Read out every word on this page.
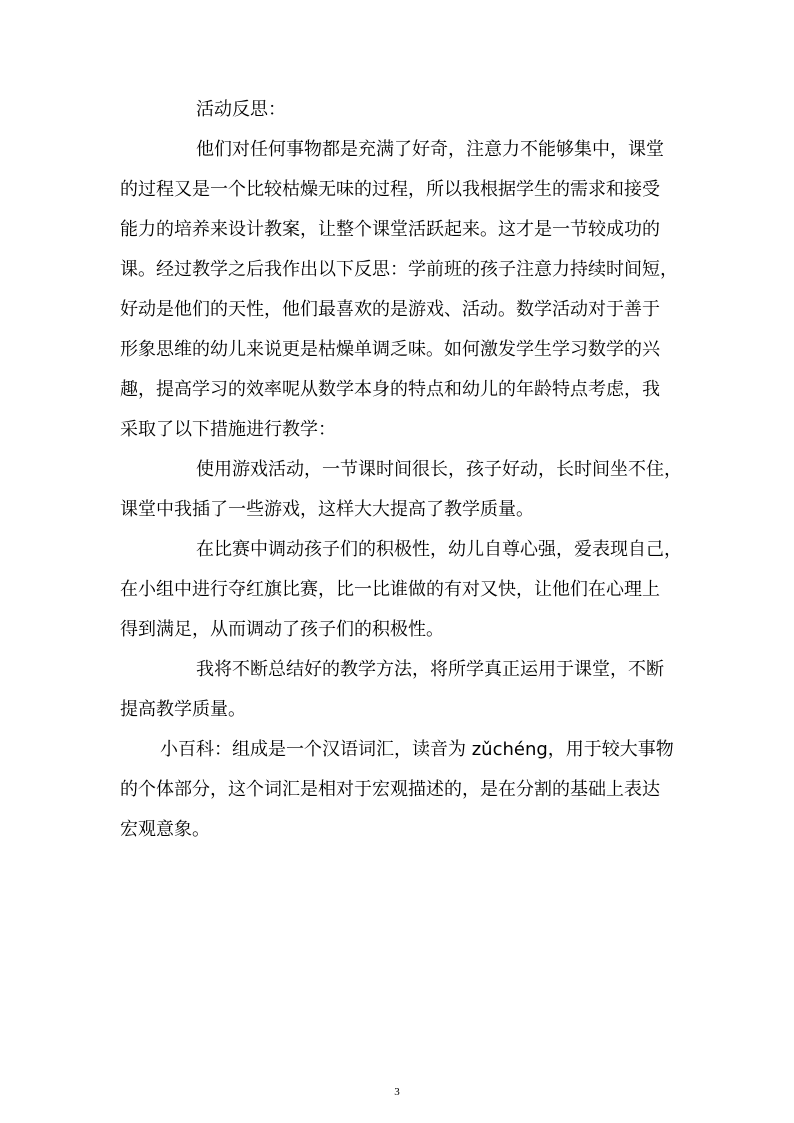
活动反思：
他们对任何事物都是充满了好奇，注意力不能够集中，课堂
的过程又是一个比较枯燥无味的过程，所以我根据学生的需求和接受
能力的培养来设计教案，让整个课堂活跃起来。这才是一节较成功的
课。经过教学之后我作出以下反思：学前班的孩子注意力持续时间短，
好动是他们的天性，他们最喜欢的是游戏、活动。数学活动对于善于
形象思维的幼儿来说更是枯燥单调乏味。如何激发学生学习数学的兴
趣，提高学习的效率呢从数学本身的特点和幼儿的年龄特点考虑，我
采取了以下措施进行教学：
使用游戏活动，一节课时间很长，孩子好动，长时间坐不住，
课堂中我插了一些游戏，这样大大提高了教学质量。
在比赛中调动孩子们的积极性，幼儿自尊心强，爱表现自己，
在小组中进行夺红旗比赛，比一比谁做的有对又快，让他们在心理上
得到满足，从而调动了孩子们的积极性。
我将不断总结好的教学方法，将所学真正运用于课堂，不断
提高教学质量。
小百科：组成是一个汉语词汇，读音为 zǔchéng，用于较大事物
的个体部分，这个词汇是相对于宏观描述的，是在分割的基础上表达
宏观意象。
3
